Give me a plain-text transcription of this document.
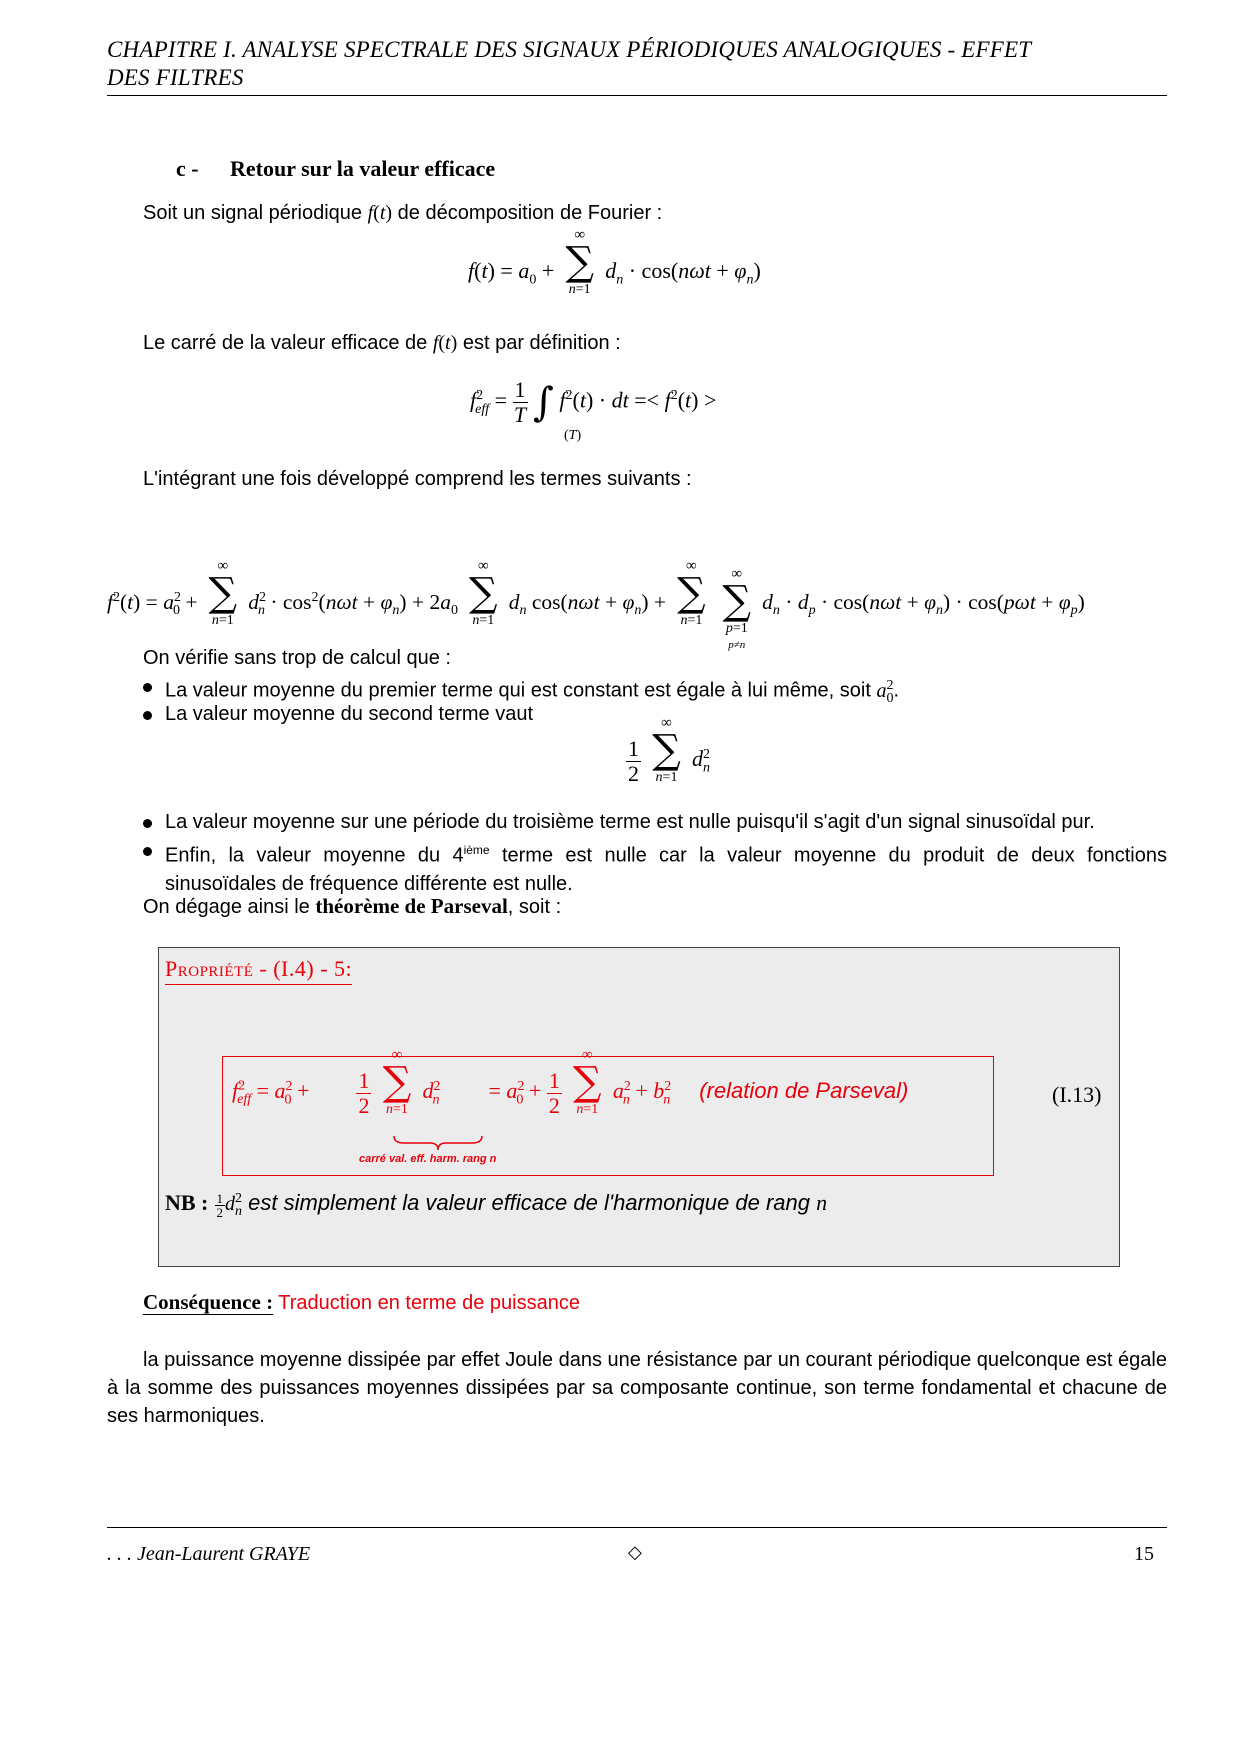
CHAPITRE I. ANALYSE SPECTRALE DES SIGNAUX PÉRIODIQUES ANALOGIQUES - EFFET
DES FILTRES
c - Retour sur la valeur efficace
Soit un signal périodique f(t) de décomposition de Fourier :
$f(t) = a_0$ +
∞
∑
n=1
$d_n \cdot \cos(n\omega t + \varphi_n)$
Le carré de la valeur efficace de f(t) est par définition :
$f^2_{eff} = \frac{1}{T}$ ∫
(T)
$f^2(t)$ · dt =< $f^2(t)$ >
L'intégrant une fois développé comprend les termes suivants :
$f^2(t) = a^2_0$ +
∞
∑
n=1
$d^2_n \cdot \cos^2(n\omega t + \varphi_n) + 2a_0$
∞
∑
n=1
$d_n$ $\cos(n\omega t + \varphi_n)$ +
∞
∑
n=1

∞
∑
p=1
p≠n
$d_n \cdot d_p \cdot \cos(n\omega t + \varphi_n) \cdot \cos(p\omega t + \varphi_p)$
On vérifie sans trop de calcul que :
La valeur moyenne du premier terme qui est constant est égale à lui même, soit $a^2_0$.
La valeur moyenne du second terme vaut
$\frac{1}{2}$

∞
∑
n=1
$d^2_n$
La valeur moyenne sur une période du troisième terme est nulle puisqu'il s'agit d'un signal sinusoïdal pur.
Enfin, la valeur moyenne du 4ième terme est nulle car la valeur moyenne du produit de deux fonctions
sinusoïdales de fréquence différente est nulle.
On dégage ainsi le théorème de Parseval, soit :
Propriété - (I.4) - 5:
$f^2_{eff} = a^2_0 + \frac{1}{2}$

∞
∑
n=1
$d^2_n = a^2_0 + \frac{1}{2}$

∞
∑
n=1
$a^2_n + b^2_n$ (relation de Parseval)
carré val. eff. harm. rang n
(I.13)
NB : $\frac{1}{2} d^2_n$ est simplement la valeur efficace de l'harmonique de rang n
Conséquence : Traduction en terme de puissance
la puissance moyenne dissipée par effet Joule dans une résistance par un courant périodique quelconque est égale à la somme des puissances moyennes dissipées par sa composante continue, son terme fondamental et chacune de ses harmoniques.
. . . Jean-Laurent GRAYE	◇	15
